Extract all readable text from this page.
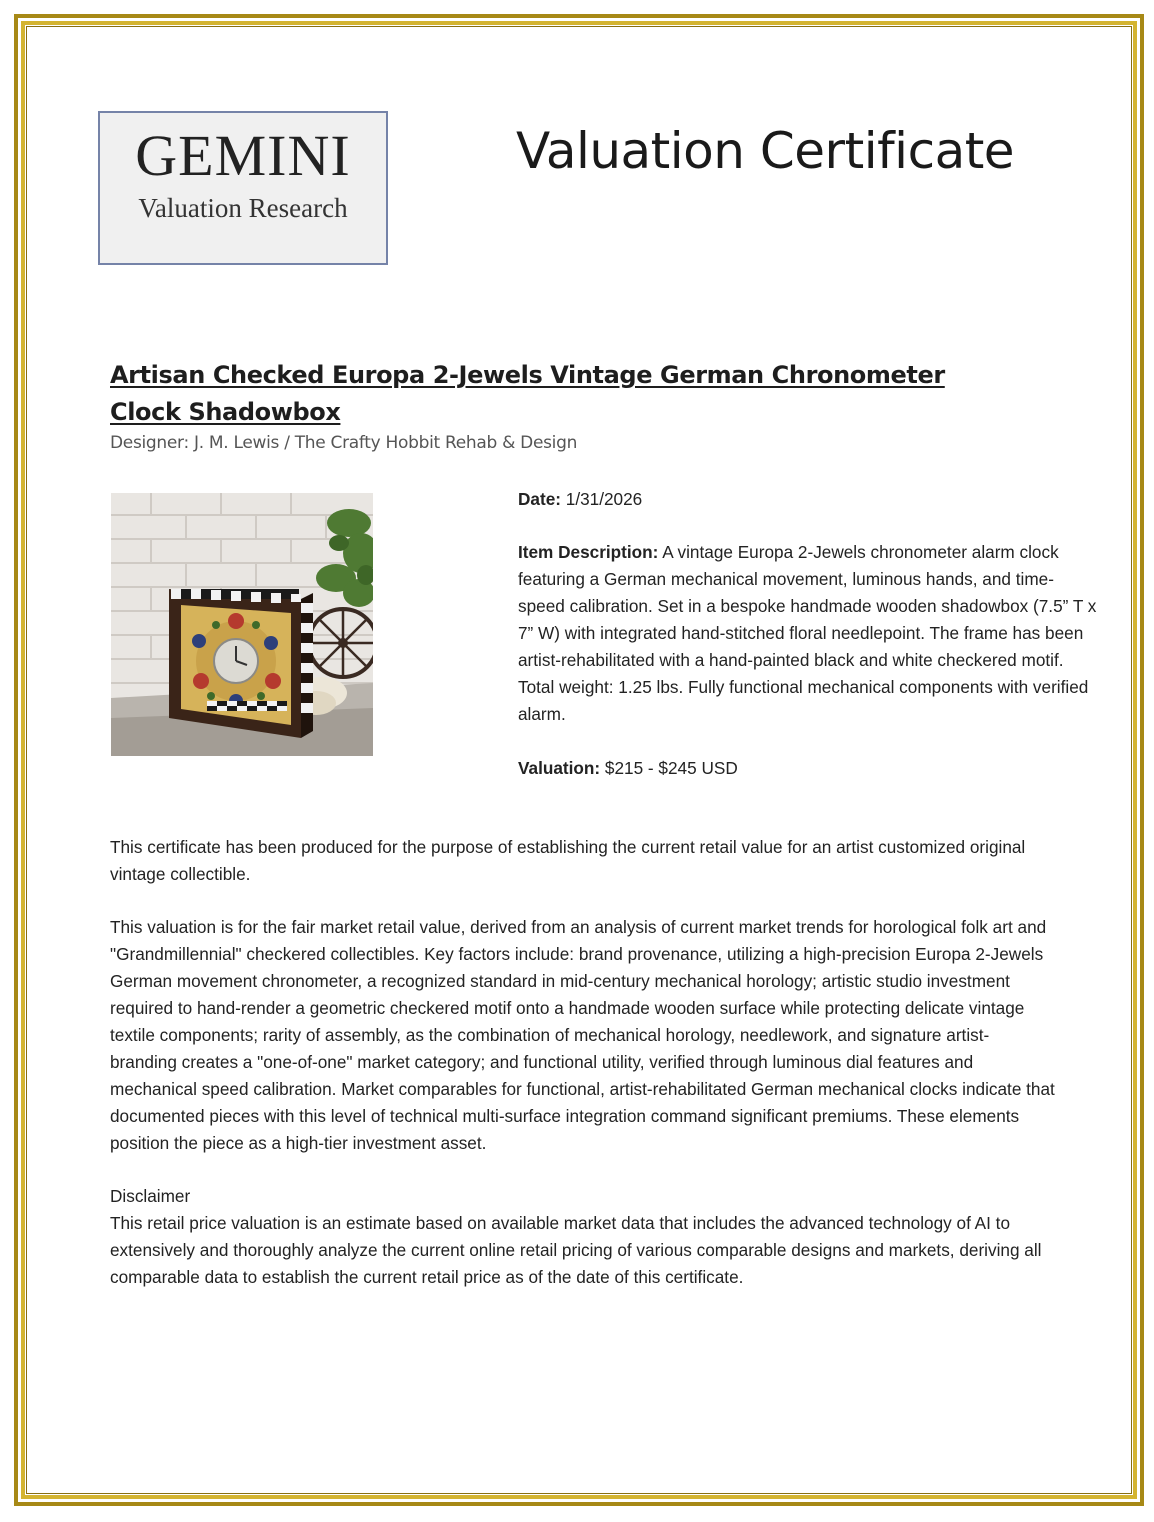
GEMINI
Valuation Research
Valuation Certificate
Artisan Checked Europa 2-Jewels Vintage German Chronometer Clock Shadowbox
Designer: J. M. Lewis / The Crafty Hobbit Rehab & Design

Date: 1/31/2026

Item Description: A vintage Europa 2-Jewels chronometer alarm clock featuring a German mechanical movement, luminous hands, and time-speed calibration. Set in a bespoke handmade wooden shadowbox (7.5” T x 7” W) with integrated hand-stitched floral needlepoint. The frame has been artist-rehabilitated with a hand-painted black and white checkered motif. Total weight: 1.25 lbs. Fully functional mechanical components with verified alarm.

Valuation: $215 - $245 USD

This certificate has been produced for the purpose of establishing the current retail value for an artist customized original vintage collectible.

This valuation is for the fair market retail value, derived from an analysis of current market trends for horological folk art and "Grandmillennial" checkered collectibles. Key factors include: brand provenance, utilizing a high-precision Europa 2-Jewels German movement chronometer, a recognized standard in mid-century mechanical horology; artistic studio investment required to hand-render a geometric checkered motif onto a handmade wooden surface while protecting delicate vintage textile components; rarity of assembly, as the combination of mechanical horology, needlework, and signature artist-branding creates a "one-of-one" market category; and functional utility, verified through luminous dial features and mechanical speed calibration. Market comparables for functional, artist-rehabilitated German mechanical clocks indicate that documented pieces with this level of technical multi-surface integration command significant premiums. These elements position the piece as a high-tier investment asset.

Disclaimer

This retail price valuation is an estimate based on available market data that includes the advanced technology of AI to extensively and thoroughly analyze the current online retail pricing of various comparable designs and markets, deriving all comparable data to establish the current retail price as of the date of this certificate.
